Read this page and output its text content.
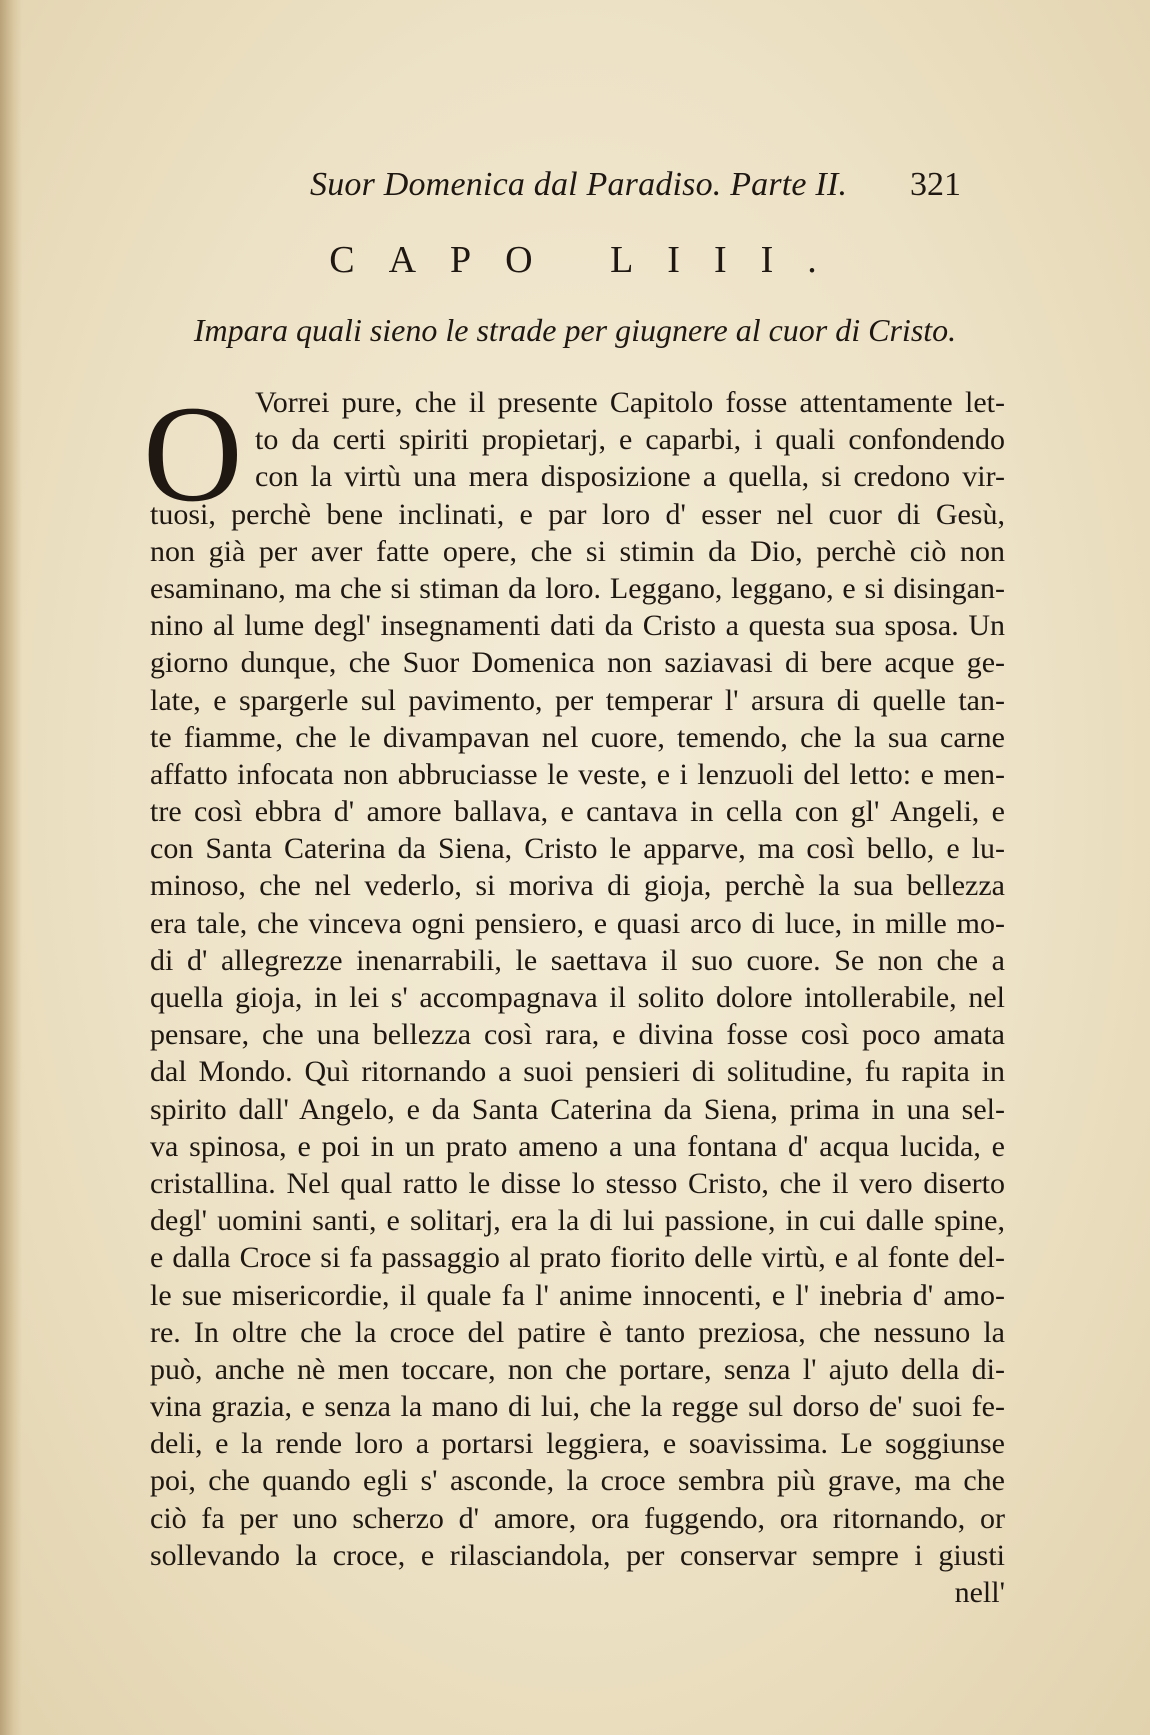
Suor Domenica dal Paradiso. Parte II. 321
CAPO LIII.
Impara quali sieno le strade per giugnere al cuor di Cristo.
O Vorrei pure, che il presente Capitolo fosse attentamente let-
to da certi spiriti propietarj, e caparbi, i quali confondendo
con la virtù una mera disposizione a quella, si credono vir-
tuosi, perchè bene inclinati, e par loro d' esser nel cuor di Gesù,
non già per aver fatte opere, che si stimin da Dio, perchè ciò non
esaminano, ma che si stiman da loro. Leggano, leggano, e si disingan-
nino al lume degl' insegnamenti dati da Cristo a questa sua sposa. Un
giorno dunque, che Suor Domenica non saziavasi di bere acque ge-
late, e spargerle sul pavimento, per temperar l' arsura di quelle tan-
te fiamme, che le divampavan nel cuore, temendo, che la sua carne
affatto infocata non abbruciasse le veste, e i lenzuoli del letto: e men-
tre così ebbra d' amore ballava, e cantava in cella con gl' Angeli, e
con Santa Caterina da Siena, Cristo le apparve, ma così bello, e lu-
minoso, che nel vederlo, si moriva di gioja, perchè la sua bellezza
era tale, che vinceva ogni pensiero, e quasi arco di luce, in mille mo-
di d' allegrezze inenarrabili, le saettava il suo cuore. Se non che a
quella gioja, in lei s' accompagnava il solito dolore intollerabile, nel
pensare, che una bellezza così rara, e divina fosse così poco amata
dal Mondo. Quì ritornando a suoi pensieri di solitudine, fu rapita in
spirito dall' Angelo, e da Santa Caterina da Siena, prima in una sel-
va spinosa, e poi in un prato ameno a una fontana d' acqua lucida, e
cristallina. Nel qual ratto le disse lo stesso Cristo, che il vero diserto
degl' uomini santi, e solitarj, era la di lui passione, in cui dalle spine,
e dalla Croce si fa passaggio al prato fiorito delle virtù, e al fonte del-
le sue misericordie, il quale fa l' anime innocenti, e l' inebria d' amo-
re. In oltre che la croce del patire è tanto preziosa, che nessuno la
può, anche nè men toccare, non che portare, senza l' ajuto della di-
vina grazia, e senza la mano di lui, che la regge sul dorso de' suoi fe-
deli, e la rende loro a portarsi leggiera, e soavissima. Le soggiunse
poi, che quando egli s' asconde, la croce sembra più grave, ma che
ciò fa per uno scherzo d' amore, ora fuggendo, ora ritornando, or
sollevando la croce, e rilasciandola, per conservar sempre i giusti
nell'
